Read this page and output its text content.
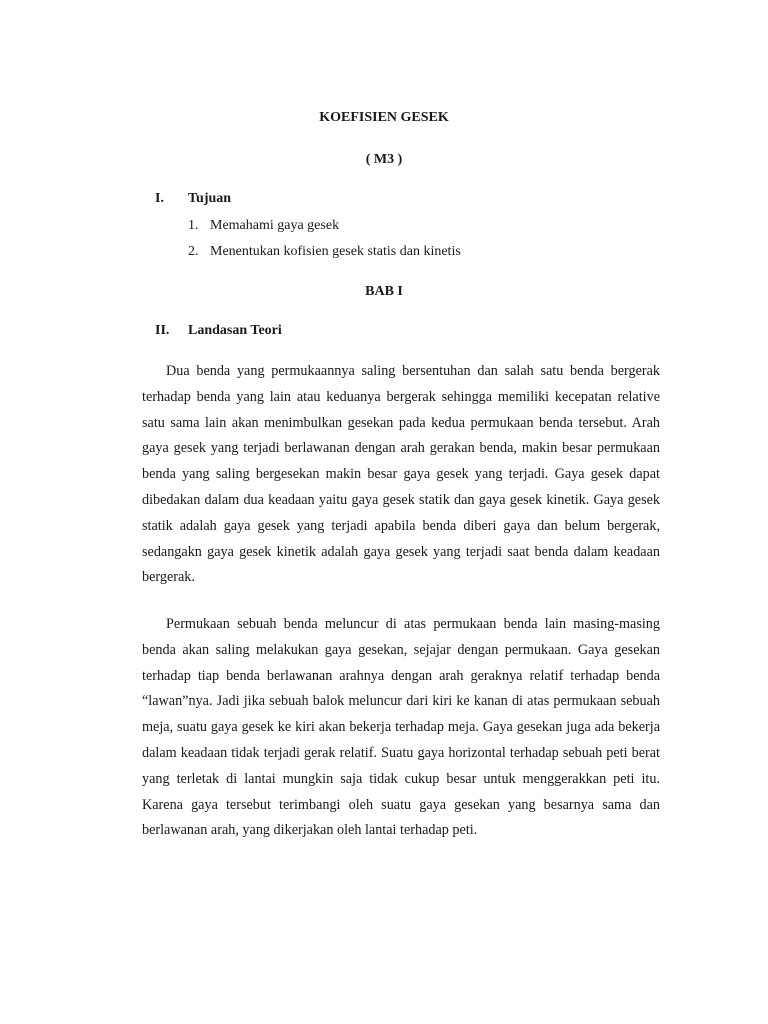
KOEFISIEN GESEK
( M3 )
I. Tujuan
1. Memahami gaya gesek
2. Menentukan kofisien gesek statis dan kinetis
BAB I
II. Landasan Teori

Dua benda yang permukaannya saling bersentuhan dan salah satu benda bergerak terhadap benda yang lain atau keduanya bergerak sehingga memiliki kecepatan relative satu sama lain akan menimbulkan gesekan pada kedua permukaan benda tersebut. Arah gaya gesek yang terjadi berlawanan dengan arah gerakan benda, makin besar permukaan benda yang saling bergesekan makin besar gaya gesek yang terjadi. Gaya gesek dapat dibedakan dalam dua keadaan yaitu gaya gesek statik dan gaya gesek kinetik. Gaya gesek statik adalah gaya gesek yang terjadi apabila benda diberi gaya dan belum bergerak, sedangakn gaya gesek kinetik adalah gaya gesek yang terjadi saat benda dalam keadaan bergerak.

Permukaan sebuah benda meluncur di atas permukaan benda lain masing-masing benda akan saling melakukan gaya gesekan, sejajar dengan permukaan. Gaya gesekan terhadap tiap benda berlawanan arahnya dengan arah geraknya relatif terhadap benda “lawan”nya. Jadi jika sebuah balok meluncur dari kiri ke kanan di atas permukaan sebuah meja, suatu gaya gesek ke kiri akan bekerja terhadap meja. Gaya gesekan juga ada bekerja dalam keadaan tidak terjadi gerak relatif. Suatu gaya horizontal terhadap sebuah peti berat yang terletak di lantai mungkin saja tidak cukup besar untuk menggerakkan peti itu. Karena gaya tersebut terimbangi oleh suatu gaya gesekan yang besarnya sama dan berlawanan arah, yang dikerjakan oleh lantai terhadap peti.
